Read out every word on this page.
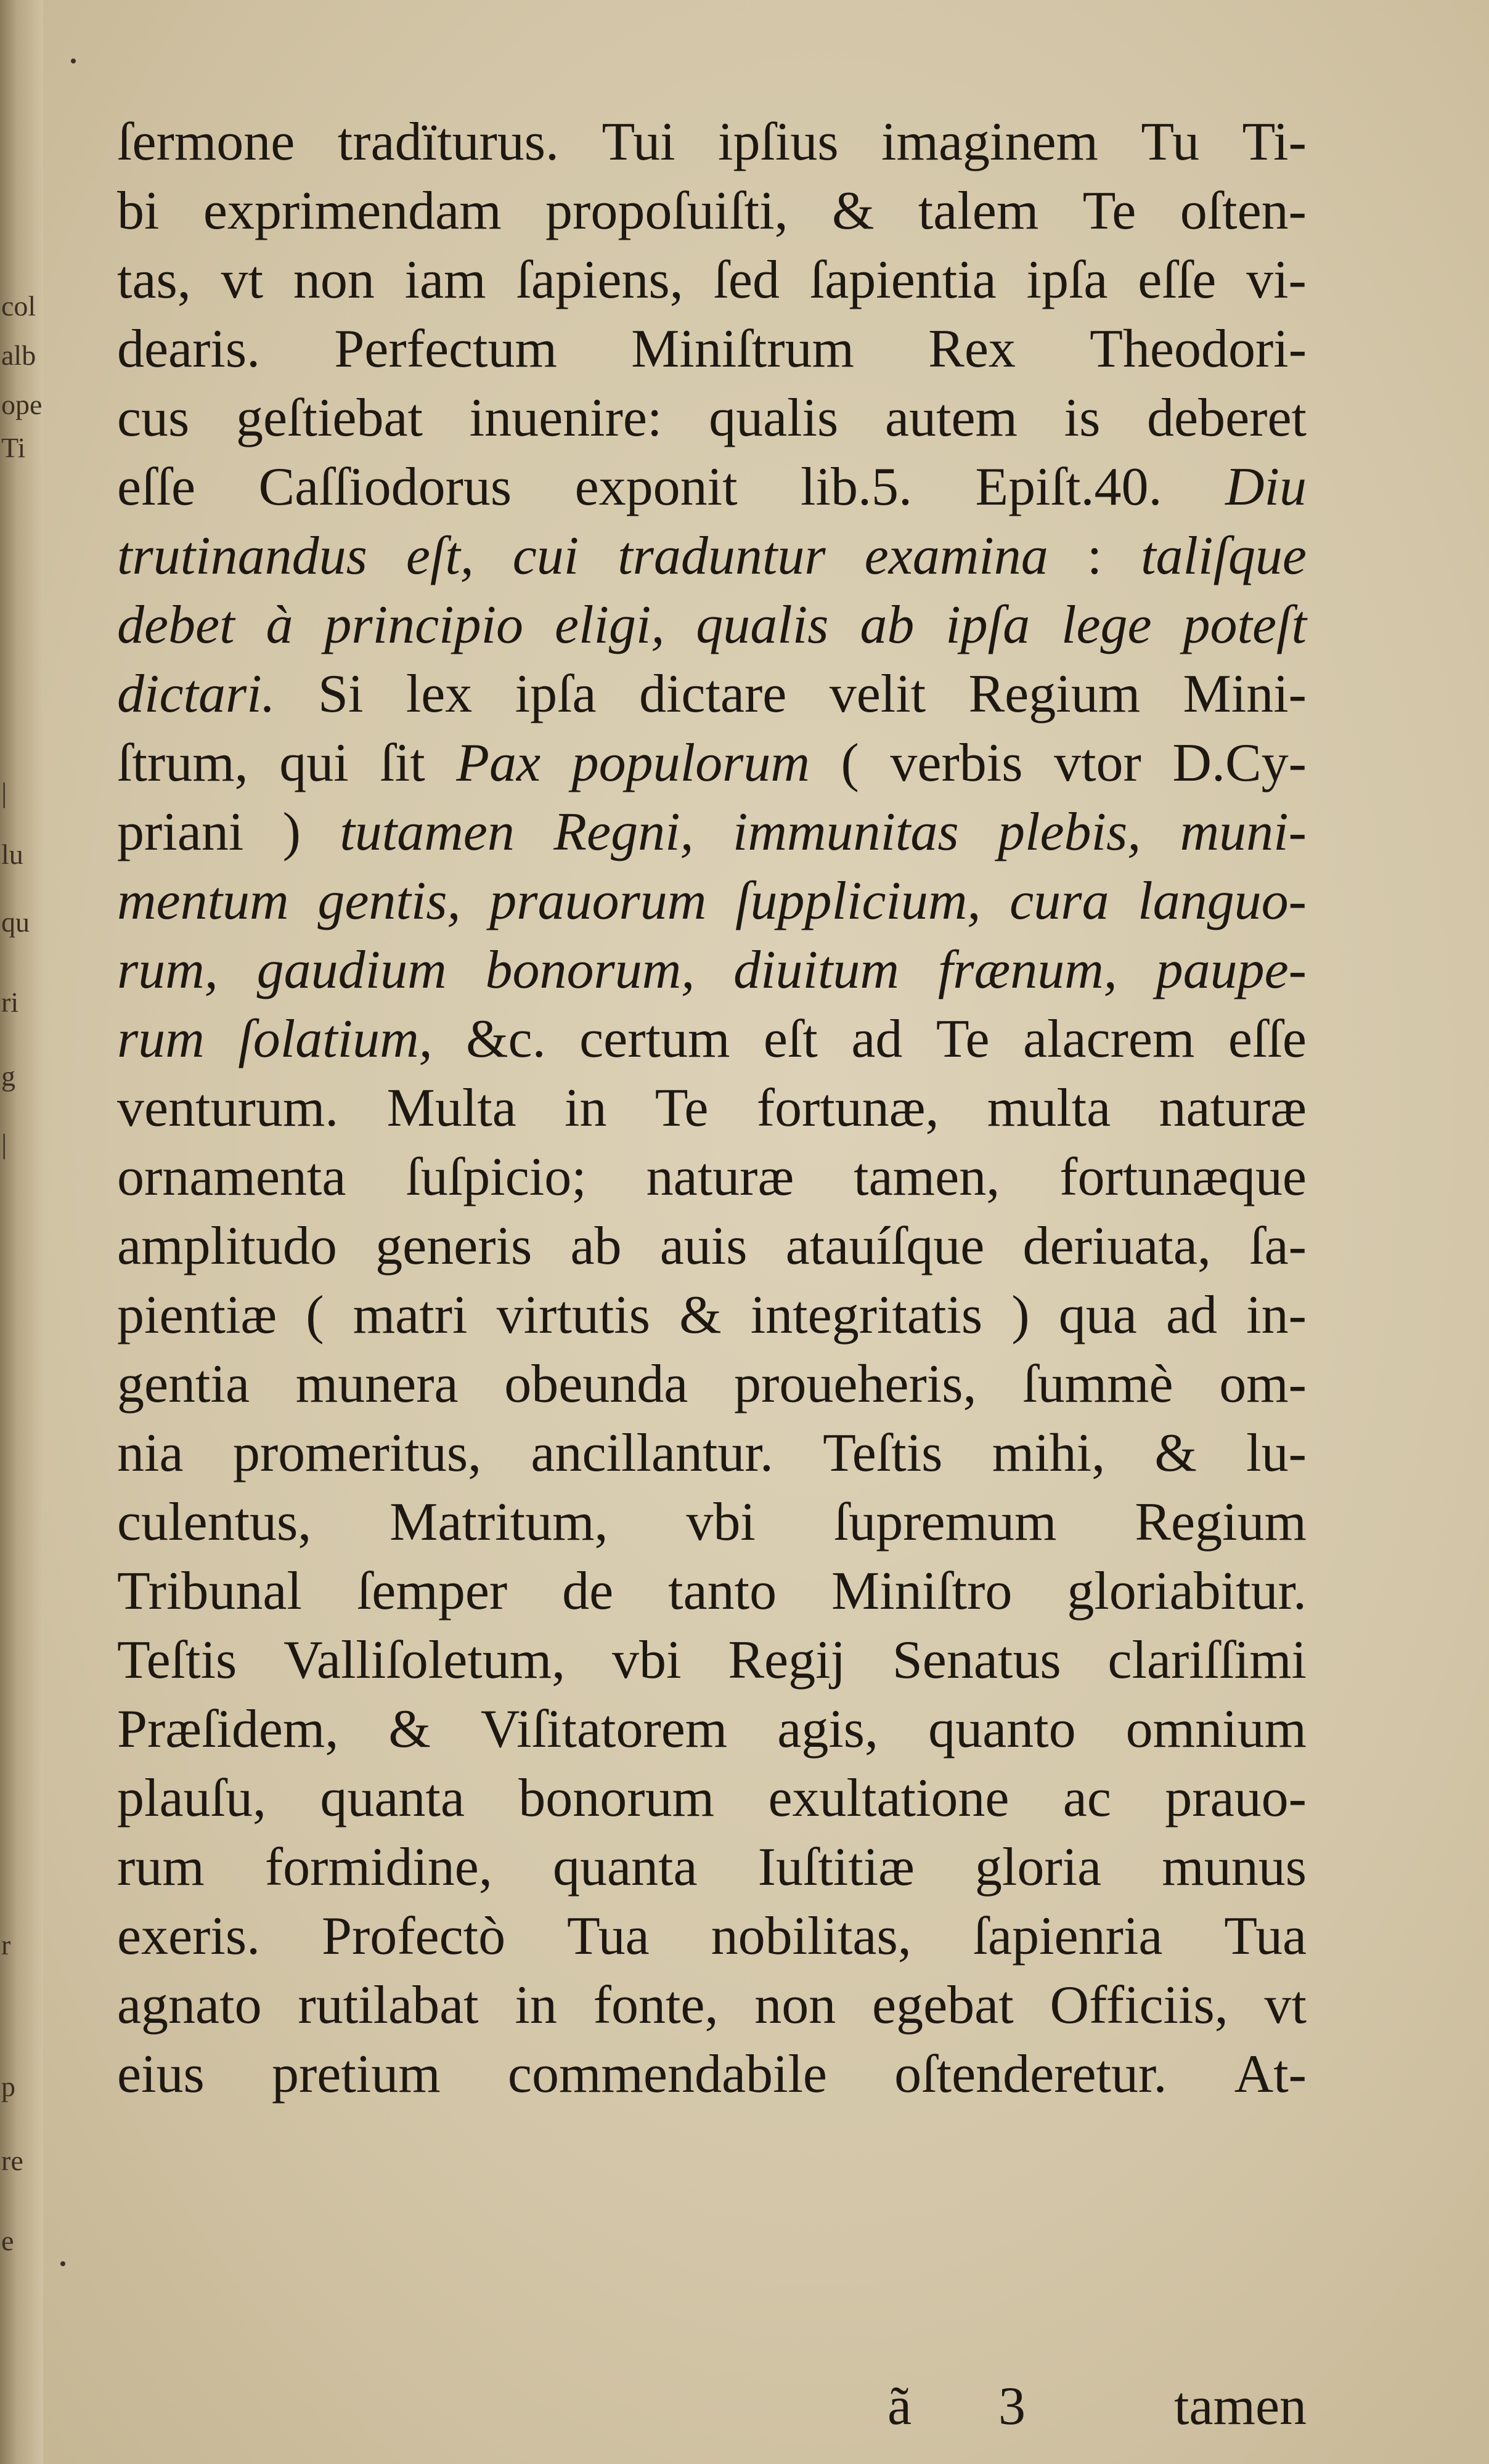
col
alb
ope
Ti
|
lu
qu
ri
g
|
r
p
re
e
ſermone tradïturus. Tui ipſius imaginem Tu Ti-
bi exprimendam propoſuiſti, & talem Te oſten-
tas, vt non iam ſapiens, ſed ſapientia ipſa eſſe vi-
dearis. Perfectum Miniſtrum Rex Theodori-
cus geſtiebat inuenire: qualis autem is deberet
eſſe Caſſiodorus exponit lib.5. Epiſt.40. Diu
trutinandus eſt, cui traduntur examina : taliſque
debet à principio eligi, qualis ab ipſa lege poteſt
dictari. Si lex ipſa dictare velit Regium Mini-
ſtrum, qui ſit Pax populorum ( verbis vtor D.Cy-
priani ) tutamen Regni, immunitas plebis, muni-
mentum gentis, prauorum ſupplicium, cura languo-
rum, gaudium bonorum, diuitum frænum, paupe-
rum ſolatium, &c. certum eſt ad Te alacrem eſſe
venturum. Multa in Te fortunæ, multa naturæ
ornamenta ſuſpicio; naturæ tamen, fortunæque
amplitudo generis ab auis atauíſque deriuata, ſa-
pientiæ ( matri virtutis & integritatis ) qua ad in-
gentia munera obeunda proueheris, ſummè om-
nia promeritus, ancillantur. Teſtis mihi, & lu-
culentus, Matritum, vbi ſupremum Regium
Tribunal ſemper de tanto Miniſtro gloriabitur.
Teſtis Valliſoletum, vbi Regij Senatus clariſſimi
Præſidem, & Viſitatorem agis, quanto omnium
plauſu, quanta bonorum exultatione ac prauo-
rum formidine, quanta Iuſtitiæ gloria munus
exeris. Profectò Tua nobilitas, ſapienria Tua
agnato rutilabat in fonte, non egebat Officiis, vt
eius pretium commendabile oſtenderetur. At-
ã 3	tamen
